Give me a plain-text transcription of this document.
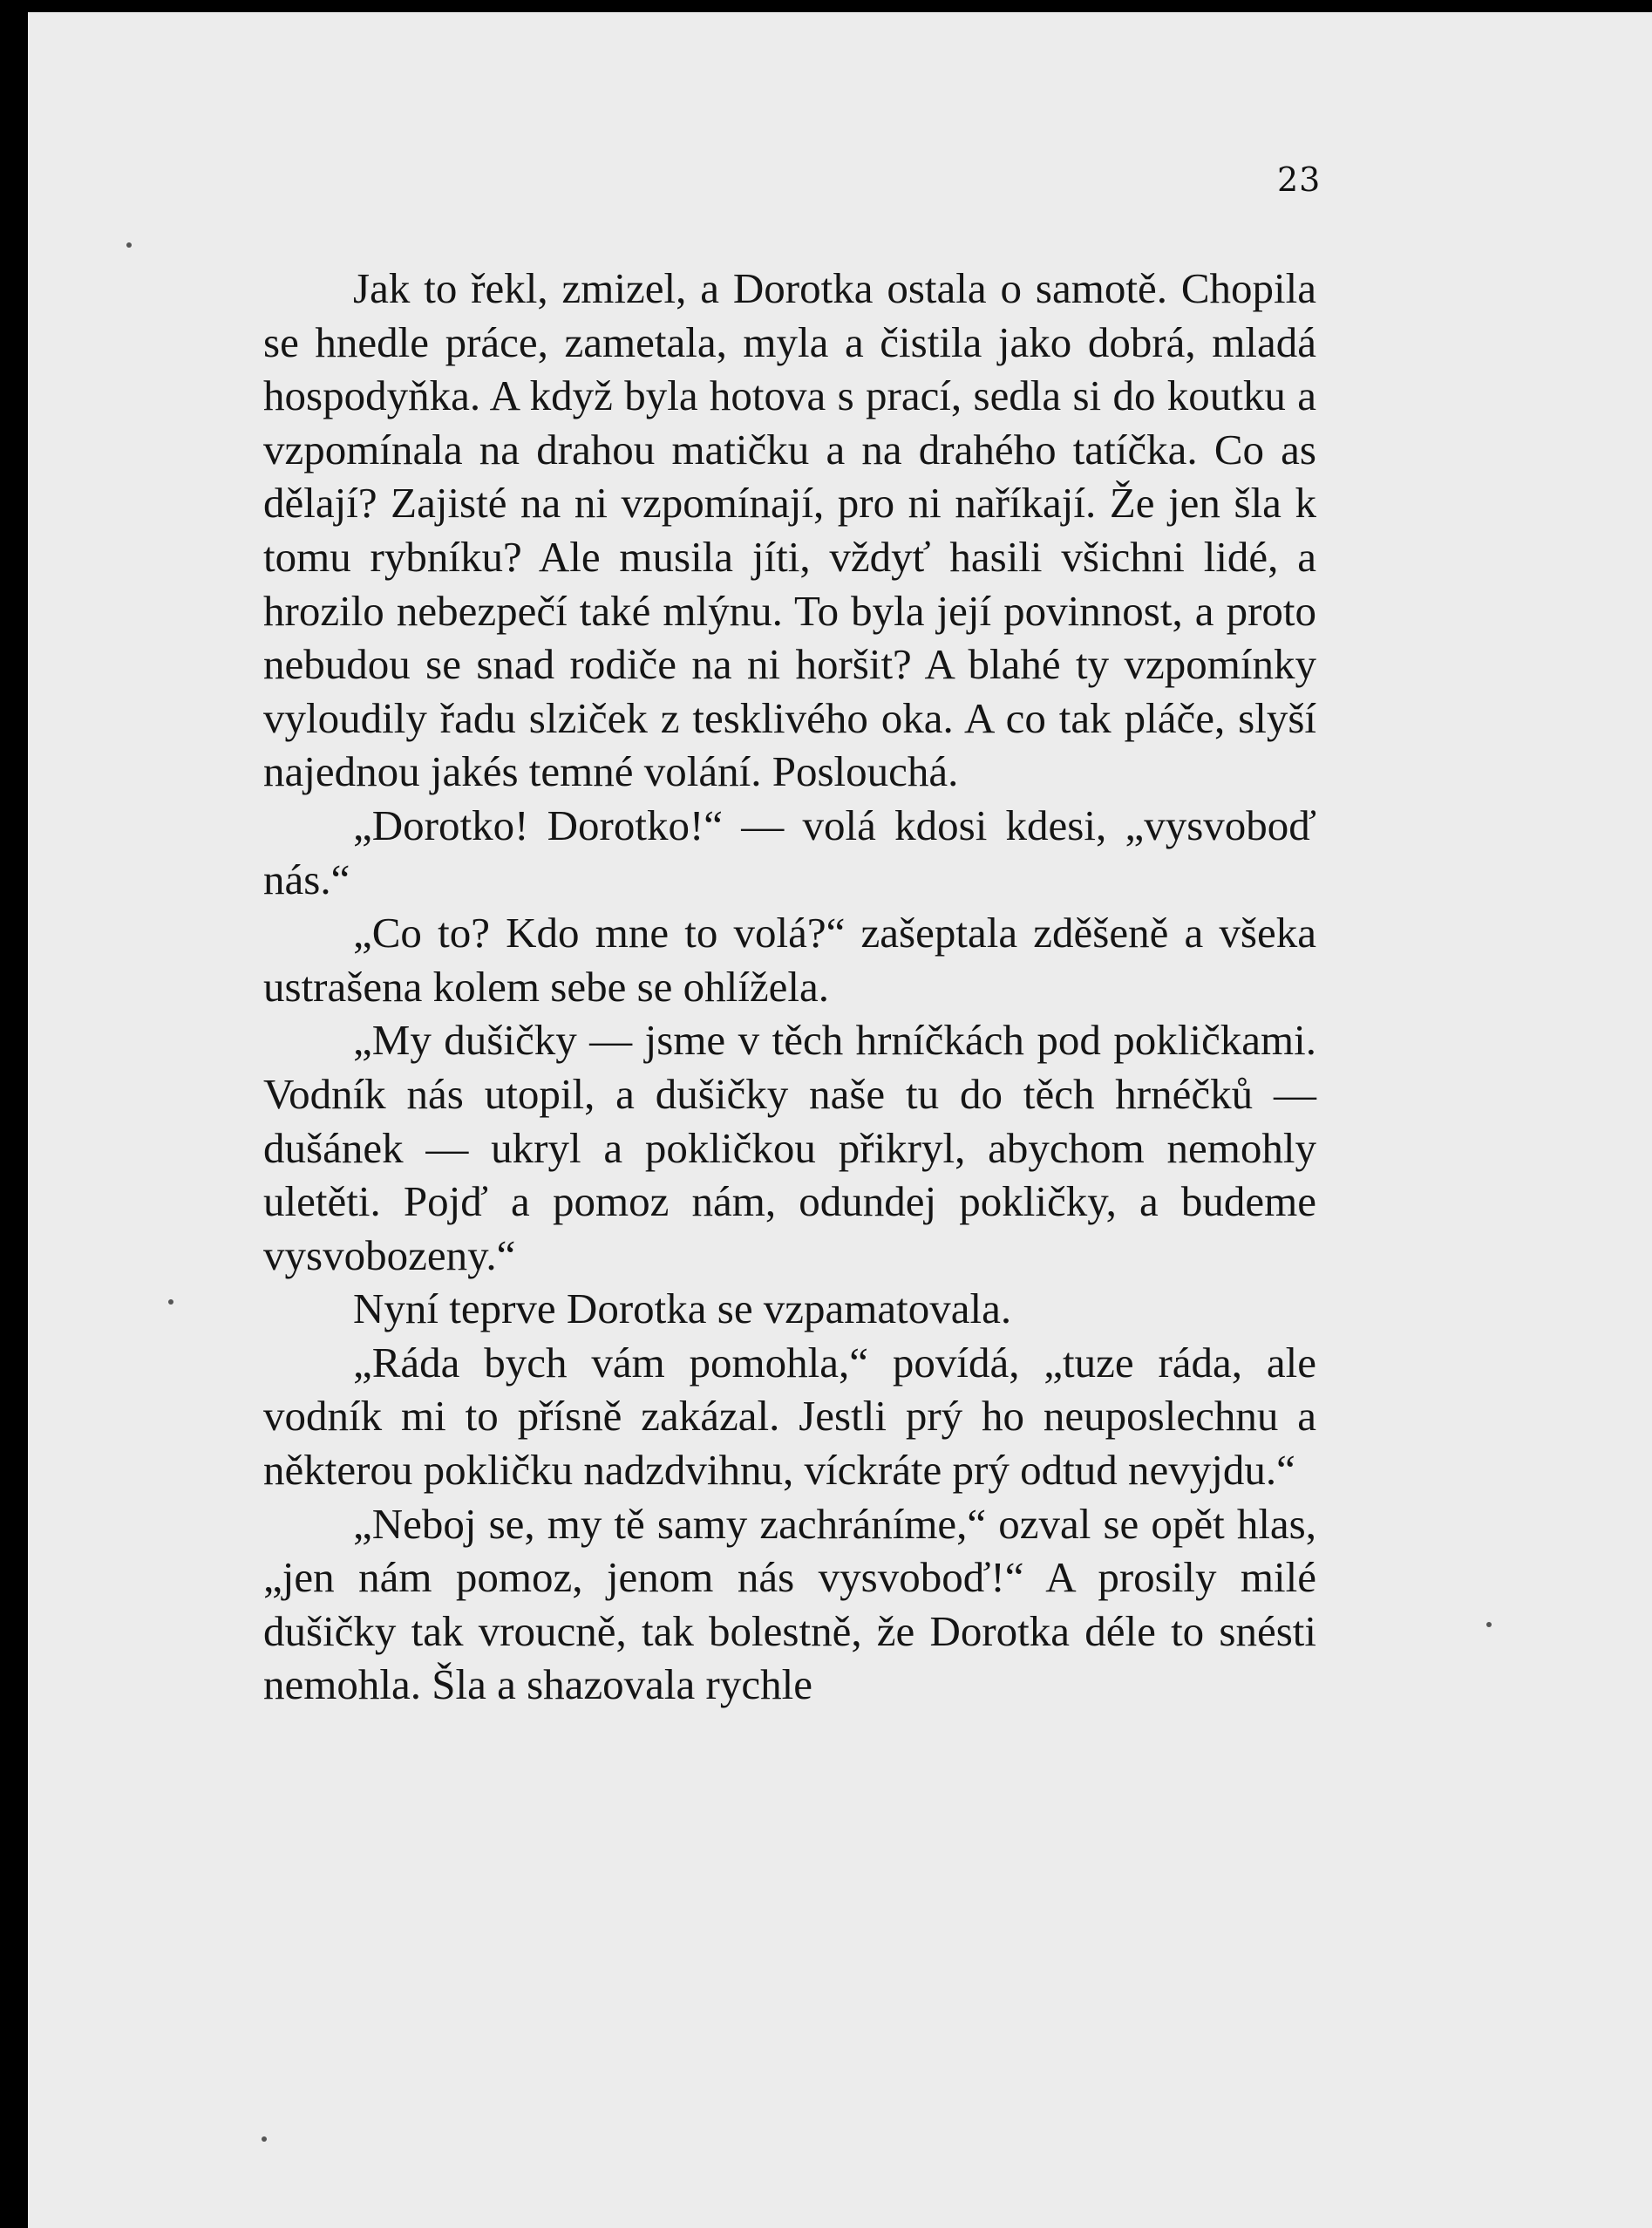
23

Jak to řekl, zmizel, a Dorotka ostala o samotě. Chopila se hnedle práce, zametala, myla a čistila jako dobrá, mladá hospodyňka. A když byla hotova s prací, sedla si do koutku a vzpomínala na drahou matičku a na drahého tatíčka. Co as dělají? Zajisté na ni vzpomínají, pro ni naříkají. Že jen šla k tomu rybníku? Ale musila jíti, vždyť hasili všichni lidé, a hrozilo nebezpečí také mlýnu. To byla její povinnost, a proto nebudou se snad rodiče na ni horšit? A blahé ty vzpomínky vyloudily řadu slziček z tesklivého oka. A co tak pláče, slyší najednou jakés temné volání. Poslouchá.

„Dorotko! Dorotko!“ — volá kdosi kdesi, „vysvoboď nás.“

„Co to? Kdo mne to volá?“ zašeptala zděšeně a všeka ustrašena kolem sebe se ohlížela.

„My dušičky — jsme v těch hrníčkách pod pokličkami. Vodník nás utopil, a dušičky naše tu do těch hrnéčků — dušánek — ukryl a pokličkou přikryl, abychom nemohly uletěti. Pojď a pomoz nám, odundej pokličky, a budeme vysvobozeny.“

Nyní teprve Dorotka se vzpamatovala.

„Ráda bych vám pomohla,“ povídá, „tuze ráda, ale vodník mi to přísně zakázal. Jestli prý ho neuposlechnu a některou pokličku nadzdvihnu, víckráte prý odtud nevyjdu.“

„Neboj se, my tě samy zachráníme,“ ozval se opět hlas, „jen nám pomoz, jenom nás vysvoboď!“ A prosily milé dušičky tak vroucně, tak bolestně, že Dorotka déle to snésti nemohla. Šla a shazovala rychle
